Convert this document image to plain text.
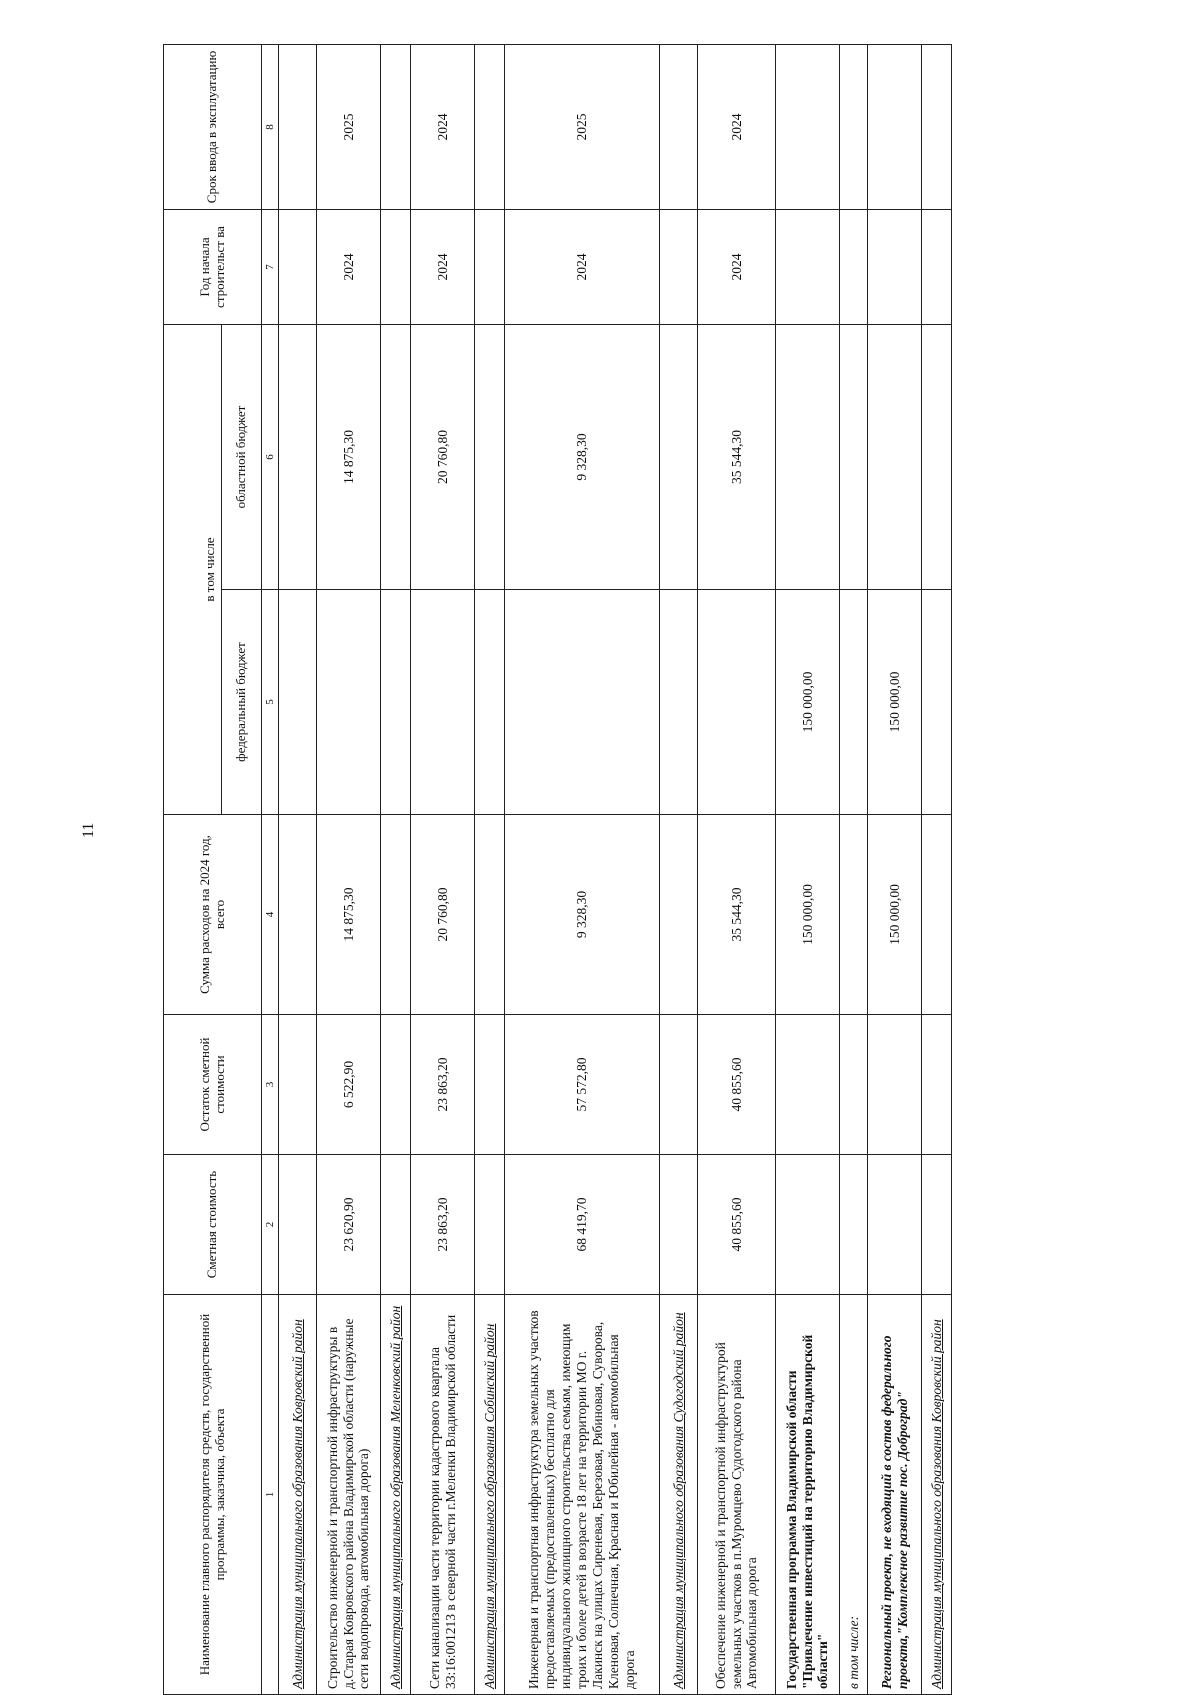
11
Наименование главного распорядителя средств, государственной программы, заказчика, объекта	Сметная стоимость	Остаток сметной стоимости	Сумма расходов на 2024 год, всего	в том числе		Год начала строительст ва	Срок ввода в эксплуатацию
				федеральный бюджет	областной бюджет		
1	2	3	4	5	6	7	8
Администрация муниципального образования Ковровский район							
Строительство инженерной и транспортной инфраструктуры в д.Старая Ковровского района Владимирской области (наружные сети водопровода, автомобильная дорога)	23 620,90	6 522,90	14 875,30		14 875,30	2024	2025
Администрация муниципального образования Меленковский район							
Сети канализации части территории кадастрового квартала 33:16:001213 в северной части г.Меленки Владимирской области	23 863,20	23 863,20	20 760,80		20 760,80	2024	2024
Администрация муниципального образования Собинский район							
Инженерная и транспортная инфраструктура земельных участков предоставляемых (предоставленных) бесплатно для индивидуального жилищного строительства семьям, имеющим троих и более детей в возрасте 18 лет на территории МО г. Лакинск на улицах Сиреневая, Березовая, Рябиновая, Суворова, Кленовая, Солнечная, Красная и Юбилейная - автомобильная дорога	68 419,70	57 572,80	9 328,30		9 328,30	2024	2025
Администрация муниципального образования Судогодский район							
Обеспечение инженерной и транспортной инфраструктурой земельных участков в п.Муромцево Судогодского района Автомобильная дорога	40 855,60	40 855,60	35 544,30		35 544,30	2024	2024
Государственная программа Владимирской области "Привлечение инвестиций на территорию Владимирской области"			150 000,00	150 000,00			
в том числе:							
Региональный проект, не входящий в состав федерального проекта,"Комплексное развитие пос. Доброград"			150 000,00	150 000,00			
Администрация муниципального образования Ковровский район							
